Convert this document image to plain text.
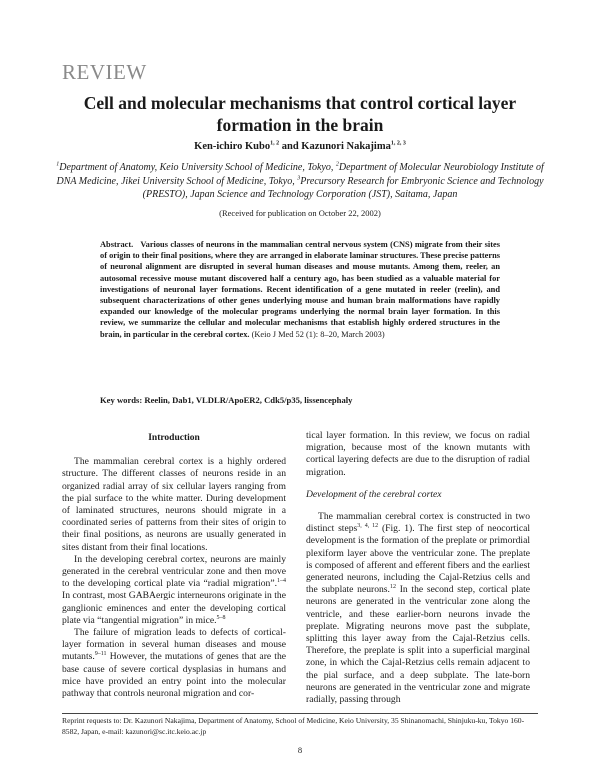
REVIEW
Cell and molecular mechanisms that control cortical layer
formation in the brain
Ken-ichiro Kubo$^{1, 2}$ and Kazunori Nakajima$^{1, 2, 3}$
$^1$Department of Anatomy, Keio University School of Medicine, Tokyo, $^2$Department of Molecular Neurobiology Institute of DNA Medicine, Jikei University School of Medicine, Tokyo, $^3$Precursory Research for Embryonic Science and Technology (PRESTO), Japan Science and Technology Corporation (JST), Saitama, Japan
(Received for publication on October 22, 2002)
Abstract. Various classes of neurons in the mammalian central nervous system (CNS) migrate from their sites of origin to their final positions, where they are arranged in elaborate laminar structures. These precise patterns of neuronal alignment are disrupted in several human diseases and mouse mutants. Among them, reeler, an autosomal recessive mouse mutant discovered half a century ago, has been studied as a valuable material for investigations of neuronal layer formations. Recent identification of a gene mutated in reeler (reelin), and subsequent characterizations of other genes underlying mouse and human brain malformations have rapidly expanded our knowledge of the molecular programs underlying the normal brain layer formation. In this review, we summarize the cellular and molecular mechanisms that establish highly ordered structures in the brain, in particular in the cerebral cortex. (Keio J Med 52 (1): 8–20, March 2003)
Key words: Reelin, Dab1, VLDLR/ApoER2, Cdk5/p35, lissencephaly
Introduction

The mammalian cerebral cortex is a highly ordered structure. The different classes of neurons reside in an organized radial array of six cellular layers ranging from the pial surface to the white matter. During development of laminated structures, neurons should migrate in a coordinated series of patterns from their sites of origin to their final positions, as neurons are usually generated in sites distant from their final locations.

In the developing cerebral cortex, neurons are mainly generated in the cerebral ventricular zone and then move to the developing cortical plate via “radial migration”.$^{1-4}$ In contrast, most GABAergic interneurons originate in the ganglionic eminences and enter the developing cortical plate via “tangential migration” in mice.$^{5-8}$

The failure of migration leads to defects of cortical-layer formation in several human diseases and mouse mutants.$^{9-11}$ However, the mutations of genes that are the base cause of severe cortical dysplasias in humans and mice have provided an entry point into the molecular pathway that controls neuronal migration and cor-

tical layer formation. In this review, we focus on radial migration, because most of the known mutants with cortical layering defects are due to the disruption of radial migration.

Development of the cerebral cortex

The mammalian cerebral cortex is constructed in two distinct steps$^{3, 4, 12}$ (Fig. 1). The first step of neocortical development is the formation of the preplate or primordial plexiform layer above the ventricular zone. The preplate is composed of afferent and efferent fibers and the earliest generated neurons, including the Cajal-Retzius cells and the subplate neurons.$^{12}$ In the second step, cortical plate neurons are generated in the ventricular zone along the ventricle, and these earlier-born neurons invade the preplate. Migrating neurons move past the subplate, splitting this layer away from the Cajal-Retzius cells. Therefore, the preplate is split into a superficial marginal zone, in which the Cajal-Retzius cells remain adjacent to the pial surface, and a deep subplate. The late-born neurons are generated in the ventricular zone and migrate radially, passing through

Reprint requests to: Dr. Kazunori Nakajima, Department of Anatomy, School of Medicine, Keio University, 35 Shinanomachi, Shinjuku-ku, Tokyo 160-8582, Japan, e-mail: kazunori@sc.itc.keio.ac.jp
8
